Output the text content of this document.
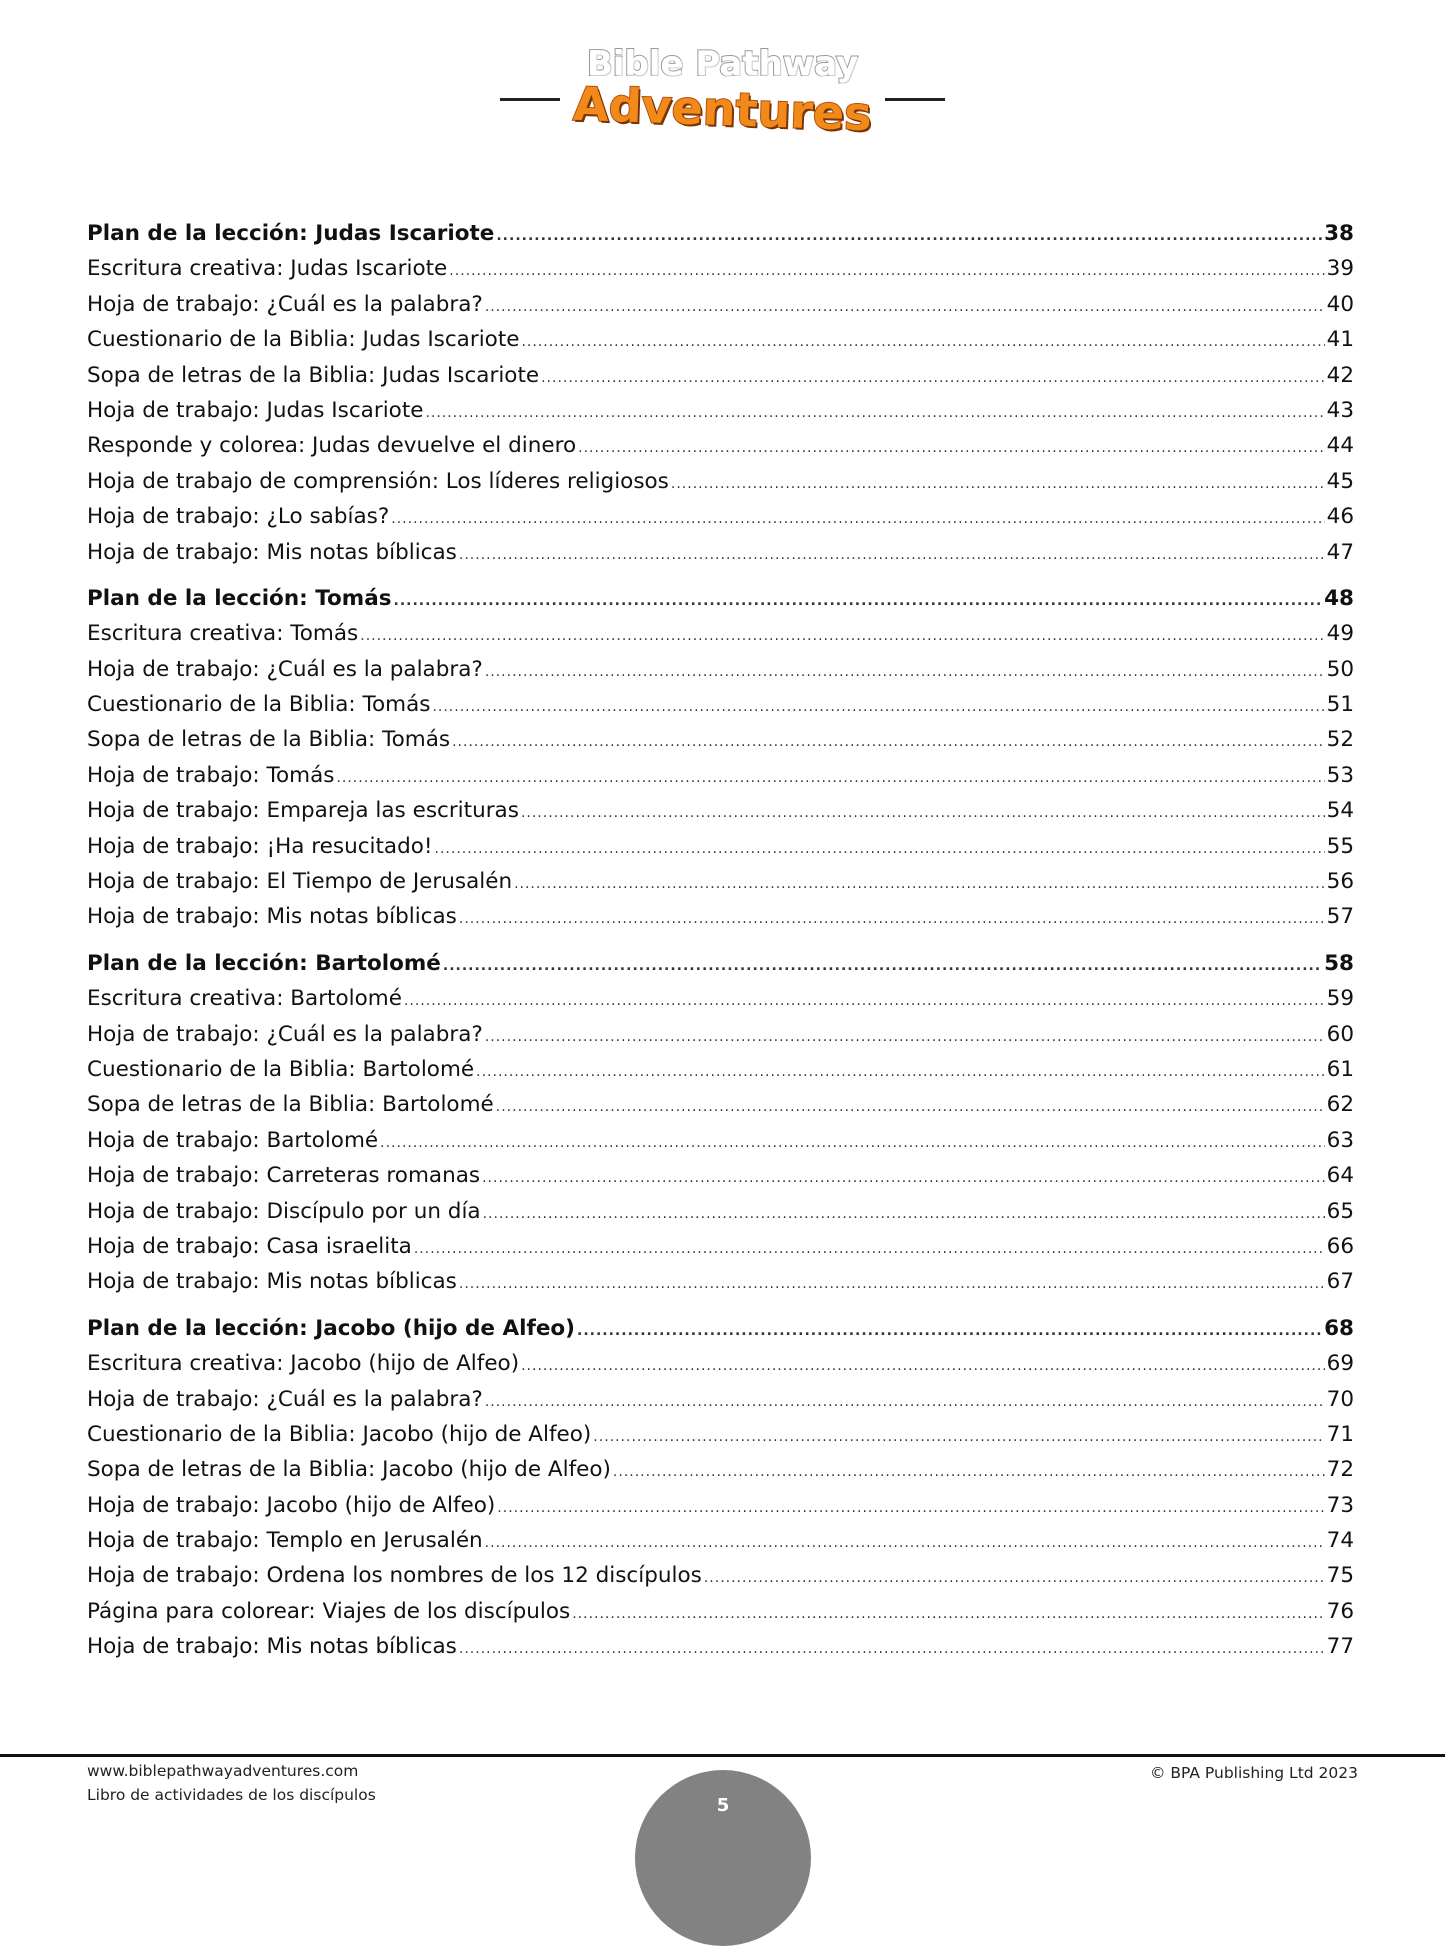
Bible Pathway
Adventures
Plan de la lección: Judas Iscariote .....	38
Escritura creativa: Judas Iscariote .....	39
Hoja de trabajo: ¿Cuál es la palabra? .....	40
Cuestionario de la Biblia: Judas Iscariote .....	41
Sopa de letras de la Biblia: Judas Iscariote .....	42
Hoja de trabajo: Judas Iscariote .....	43
Responde y colorea: Judas devuelve el dinero .....	44
Hoja de trabajo de comprensión: Los líderes religiosos .....	45
Hoja de trabajo: ¿Lo sabías? .....	46
Hoja de trabajo: Mis notas bíblicas .....	47
Plan de la lección: Tomás .....	48
Escritura creativa: Tomás .....	49
Hoja de trabajo: ¿Cuál es la palabra? .....	50
Cuestionario de la Biblia: Tomás .....	51
Sopa de letras de la Biblia: Tomás .....	52
Hoja de trabajo: Tomás .....	53
Hoja de trabajo: Empareja las escrituras .....	54
Hoja de trabajo: ¡Ha resucitado! .....	55
Hoja de trabajo: El Tiempo de Jerusalén .....	56
Hoja de trabajo: Mis notas bíblicas .....	57
Plan de la lección: Bartolomé .....	58
Escritura creativa: Bartolomé .....	59
Hoja de trabajo: ¿Cuál es la palabra? .....	60
Cuestionario de la Biblia: Bartolomé .....	61
Sopa de letras de la Biblia: Bartolomé .....	62
Hoja de trabajo: Bartolomé .....	63
Hoja de trabajo: Carreteras romanas .....	64
Hoja de trabajo: Discípulo por un día .....	65
Hoja de trabajo: Casa israelita .....	66
Hoja de trabajo: Mis notas bíblicas .....	67
Plan de la lección: Jacobo (hijo de Alfeo) .....	68
Escritura creativa: Jacobo (hijo de Alfeo) .....	69
Hoja de trabajo: ¿Cuál es la palabra? .....	70
Cuestionario de la Biblia: Jacobo (hijo de Alfeo) .....	71
Sopa de letras de la Biblia: Jacobo (hijo de Alfeo) .....	72
Hoja de trabajo: Jacobo (hijo de Alfeo) .....	73
Hoja de trabajo: Templo en Jerusalén .....	74
Hoja de trabajo: Ordena los nombres de los 12 discípulos .....	75
Página para colorear: Viajes de los discípulos .....	76
Hoja de trabajo: Mis notas bíblicas .....	77
www.biblepathwayadventures.com
Libro de actividades de los discípulos
© BPA Publishing Ltd 2023
5
